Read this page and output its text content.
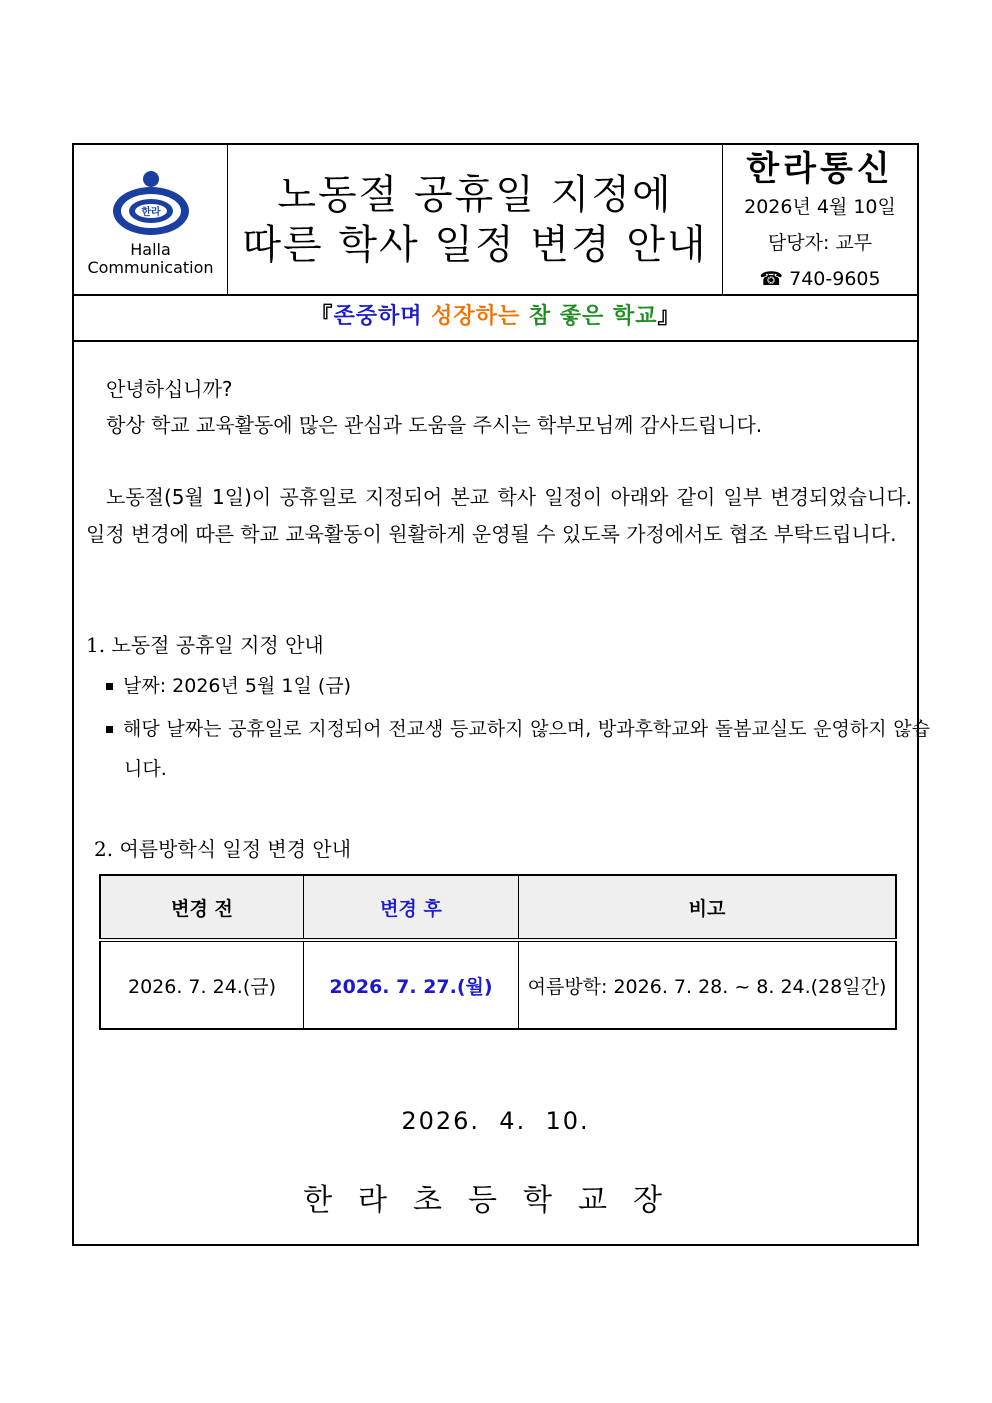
한라
Halla
Communication
노동절 공휴일 지정에
따른 학사 일정 변경 안내
한라통신
2026년 4월 10일
담당자: 교무
☎ 740-9605
『존중하며 성장하는 참 좋은 학교』
안녕하십니까?
항상 학교 교육활동에 많은 관심과 도움을 주시는 학부모님께 감사드립니다.
노동절(5월 1일)이 공휴일로 지정되어 본교 학사 일정이 아래와 같이 일부 변경되었습니다. 일정 변경에 따른 학교 교육활동이 원활하게 운영될 수 있도록 가정에서도 협조 부탁드립니다.
1. 노동절 공휴일 지정 안내
날짜: 2026년 5월 1일 (금)
해당 날짜는 공휴일로 지정되어 전교생 등교하지 않으며, 방과후학교와 돌봄교실도 운영하지 않습니다.
2. 여름방학식 일정 변경 안내
변경 전	변경 후	비고
2026. 7. 24.(금)	2026. 7. 27.(월)	여름방학: 2026. 7. 28. ~ 8. 24.(28일간)
2026.  4.  10.
한라초등학교장
